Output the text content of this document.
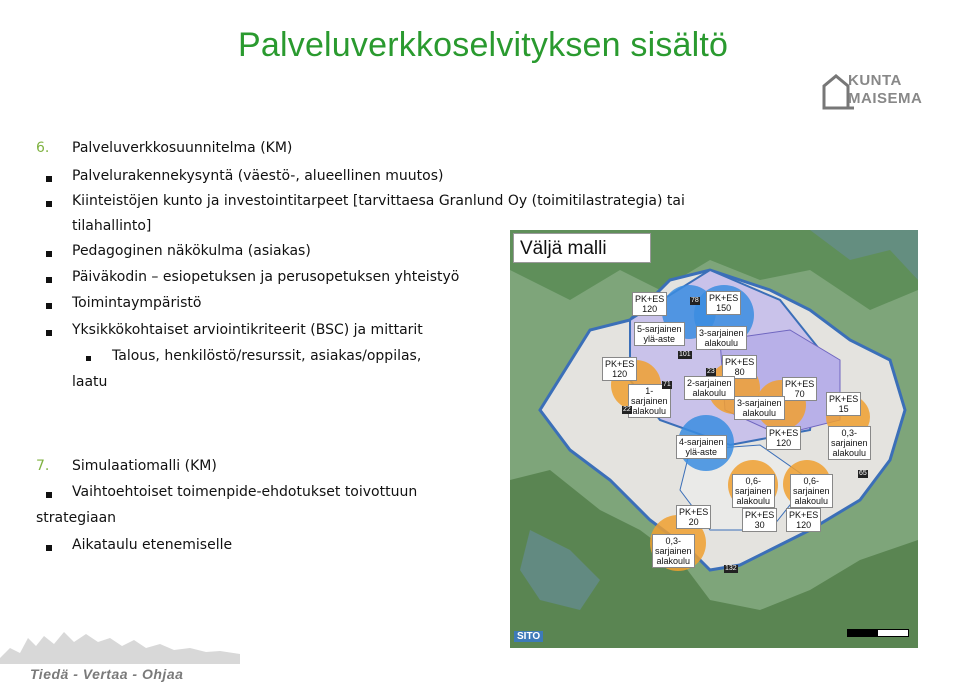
Palveluverkkoselvityksen sisältö
KUNTA
MAISEMA
6. Palveluverkkosuunnitelma (KM)
Palvelurakennekysyntä (väestö-, alueellinen muutos)
Kiinteistöjen kunto ja investointitarpeet [tarvittaesa Granlund Oy (toimitilastrategia) tai
tilahallinto]
Pedagoginen näkökulma (asiakas)
Päiväkodin – esiopetuksen ja perusopetuksen yhteistyö
Toimintaympäristö
Yksikkökohtaiset arviointikriteerit (BSC) ja mittarit
Talous, henkilöstö/resurssit, asiakas/oppilas,
laatu
7. Simulaatiomalli (KM)
Vaihtoehtoiset toimenpide-ehdotukset toivottuun
strategiaan
Aikataulu etenemiselle
Väljä malli
PK+ES
120
PK+ES
150
5-sarjainen
ylä-aste
3-sarjainen
alakoulu
PK+ES
120
1-
sarjainen
alakoulu
PK+ES
80
2-sarjainen
alakoulu
PK+ES
70
3-sarjainen
alakoulu
PK+ES
15
PK+ES
120
0,3-
sarjainen
alakoulu
4-sarjainen
ylä-aste
0,6-
sarjainen
alakoulu
0,6-
sarjainen
alakoulu
PK+ES
20
PK+ES
30
PK+ES
120
0,3-
sarjainen
alakoulu
78
101
23
71
22
65
132
SITO
Tiedä - Vertaa - Ohjaa
